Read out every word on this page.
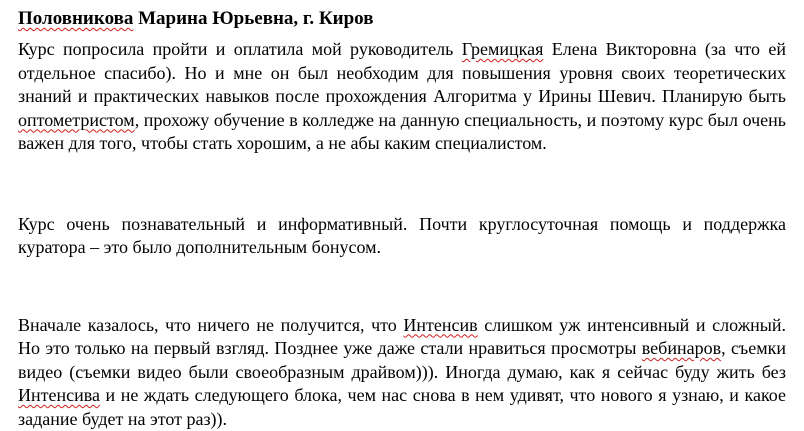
Половникова Марина Юрьевна, г. Киров

Курс попросила пройти и оплатила мой руководитель Гремицкая Елена Викторовна (за что ей отдельное спасибо). Но и мне он был необходим для повышения уровня своих теоретических знаний и практических навыков после прохождения Алгоритма у Ирины Шевич. Планирую быть оптометристом, прохожу обучение в колледже на данную специальность, и поэтому курс был очень важен для того, чтобы стать хорошим, а не абы каким специалистом.

Курс очень познавательный и информативный. Почти круглосуточная помощь и поддержка куратора – это было дополнительным бонусом.

Вначале казалось, что ничего не получится, что Интенсив слишком уж интенсивный и сложный. Но это только на первый взгляд. Позднее уже даже стали нравиться просмотры вебинаров, съемки видео (съемки видео были своеобразным драйвом))). Иногда думаю, как я сейчас буду жить без Интенсива и не ждать следующего блока, чем нас снова в нем удивят, что нового я узнаю, и какое задание будет на этот раз)).
